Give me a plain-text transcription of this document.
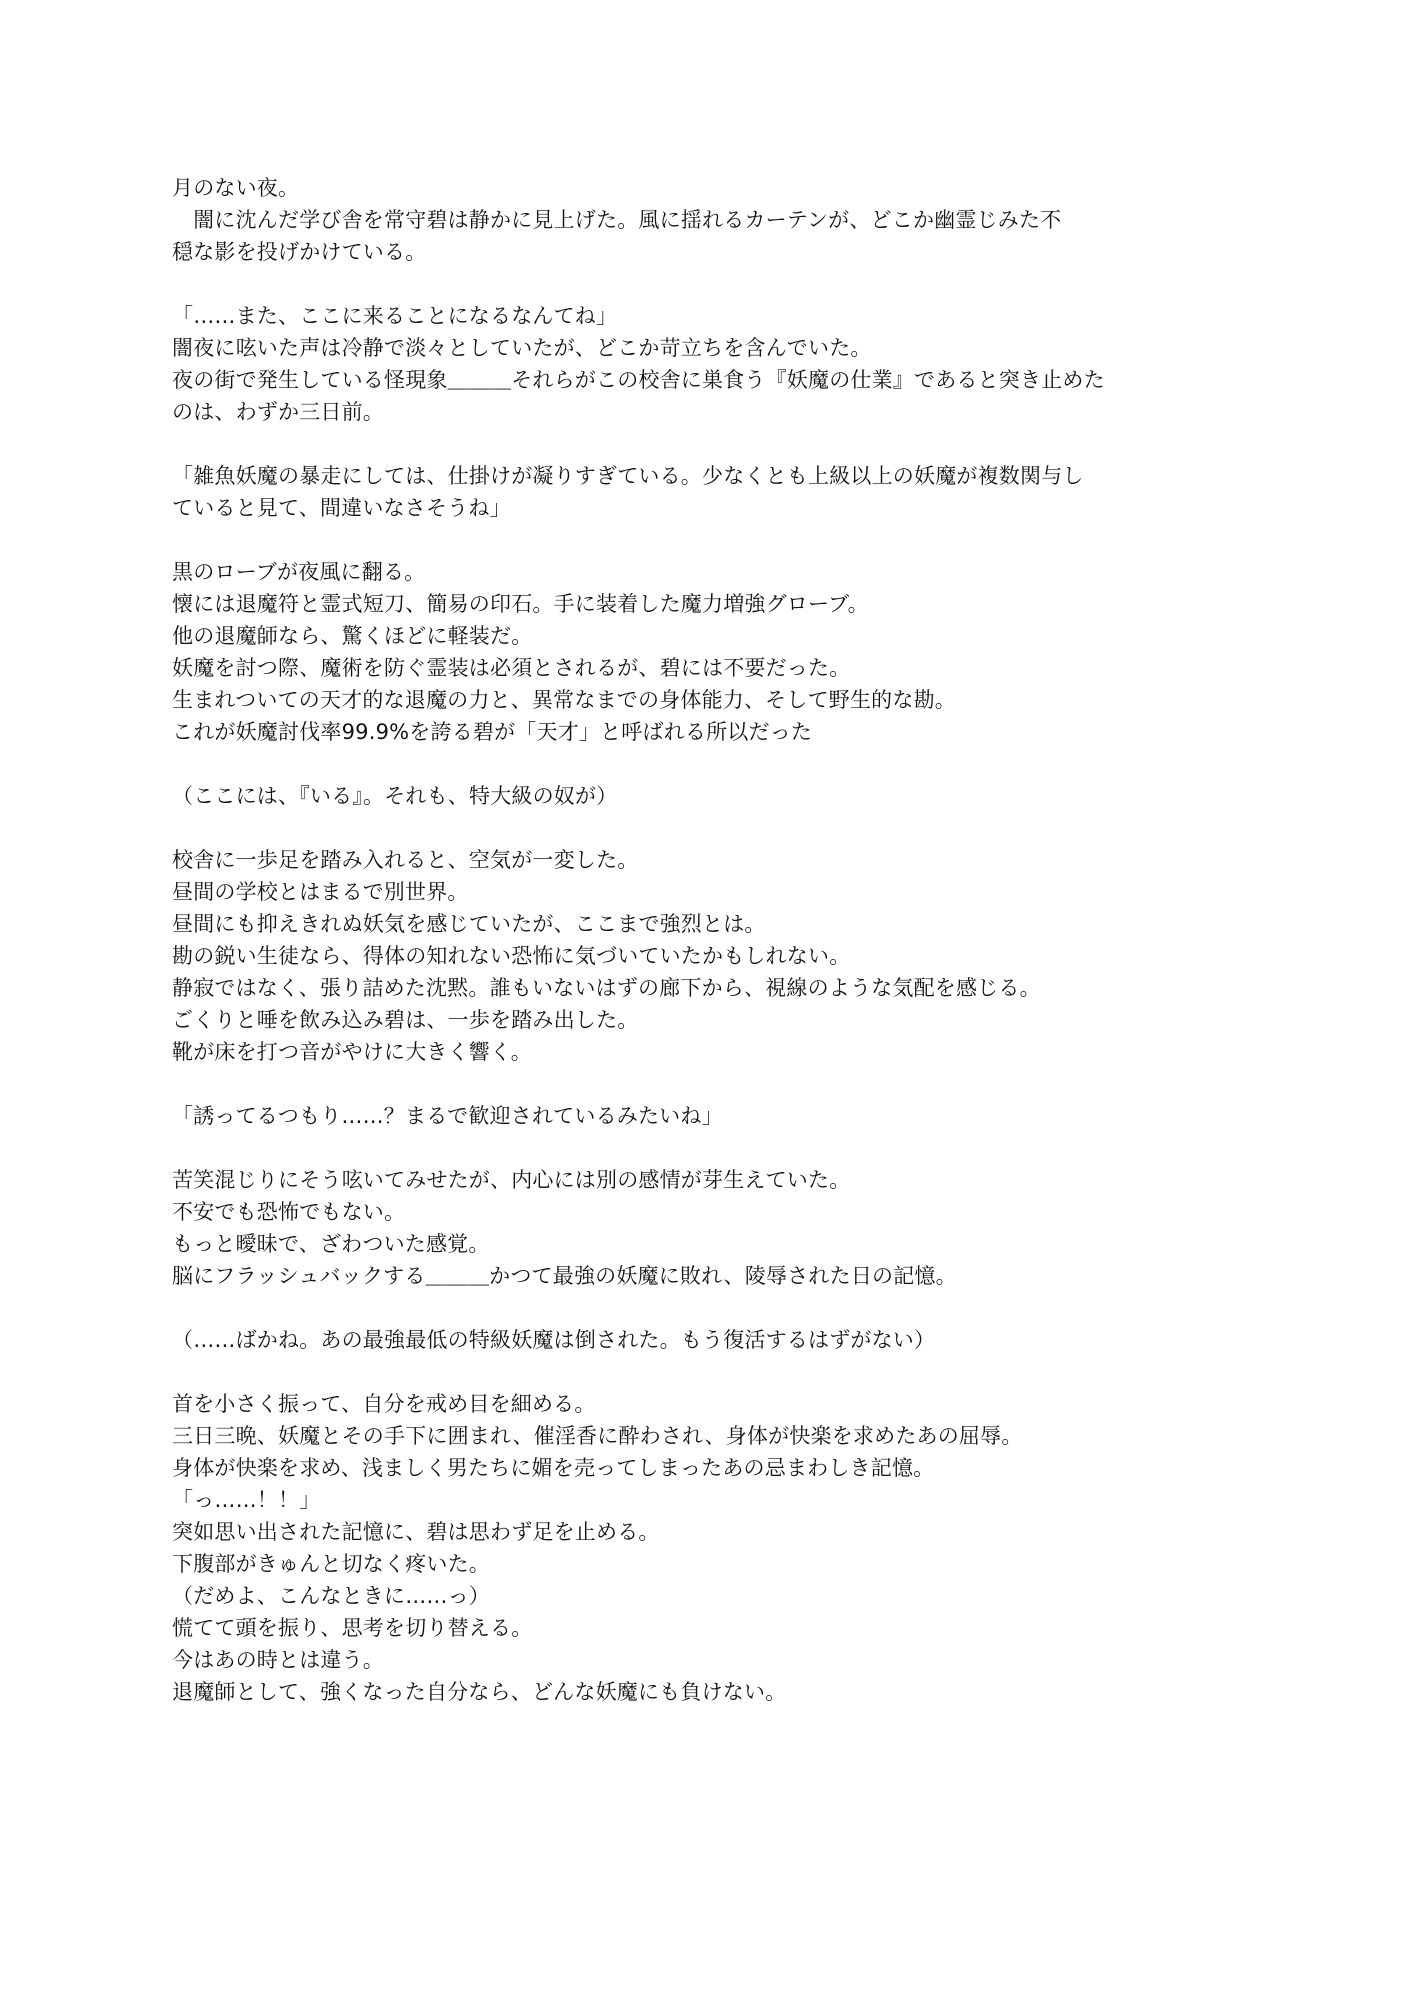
月のない夜。
　闇に沈んだ学び舎を常守碧は静かに見上げた。風に揺れるカーテンが、どこか幽霊じみた不
穏な影を投げかけている。
「……また、ここに来ることになるなんてね」
闇夜に呟いた声は冷静で淡々としていたが、どこか苛立ちを含んでいた。
夜の街で発生している怪現象＿＿＿それらがこの校舎に巣食う『妖魔の仕業』であると突き止めた
のは、わずか三日前。
「雑魚妖魔の暴走にしては、仕掛けが凝りすぎている。少なくとも上級以上の妖魔が複数関与し
ていると見て、間違いなさそうね」
黒のローブが夜風に翻る。
懐には退魔符と霊式短刀、簡易の印石。手に装着した魔力増強グローブ。
他の退魔師なら、驚くほどに軽装だ。
妖魔を討つ際、魔術を防ぐ霊装は必須とされるが、碧には不要だった。
生まれついての天才的な退魔の力と、異常なまでの身体能力、そして野生的な勘。
これが妖魔討伐率99.9%を誇る碧が「天才」と呼ばれる所以だった
（ここには、『いる』。それも、特大級の奴が）
校舎に一歩足を踏み入れると、空気が一変した。
昼間の学校とはまるで別世界。
昼間にも抑えきれぬ妖気を感じていたが、ここまで強烈とは。
勘の鋭い生徒なら、得体の知れない恐怖に気づいていたかもしれない。
静寂ではなく、張り詰めた沈黙。誰もいないはずの廊下から、視線のような気配を感じる。
ごくりと唾を飲み込み碧は、一歩を踏み出した。
靴が床を打つ音がやけに大きく響く。
「誘ってるつもり……？まるで歓迎されているみたいね」
苦笑混じりにそう呟いてみせたが、内心には別の感情が芽生えていた。
不安でも恐怖でもない。
もっと曖昧で、ざわついた感覚。
脳にフラッシュバックする＿＿＿かつて最強の妖魔に敗れ、陵辱された日の記憶。
（……ばかね。あの最強最低の特級妖魔は倒された。もう復活するはずがない）
首を小さく振って、自分を戒め目を細める。
三日三晩、妖魔とその手下に囲まれ、催淫香に酔わされ、身体が快楽を求めたあの屈辱。
身体が快楽を求め、浅ましく男たちに媚を売ってしまったあの忌まわしき記憶。
「っ……！！」
突如思い出された記憶に、碧は思わず足を止める。
下腹部がきゅんと切なく疼いた。
（だめよ、こんなときに……っ）
慌てて頭を振り、思考を切り替える。
今はあの時とは違う。
退魔師として、強くなった自分なら、どんな妖魔にも負けない。
